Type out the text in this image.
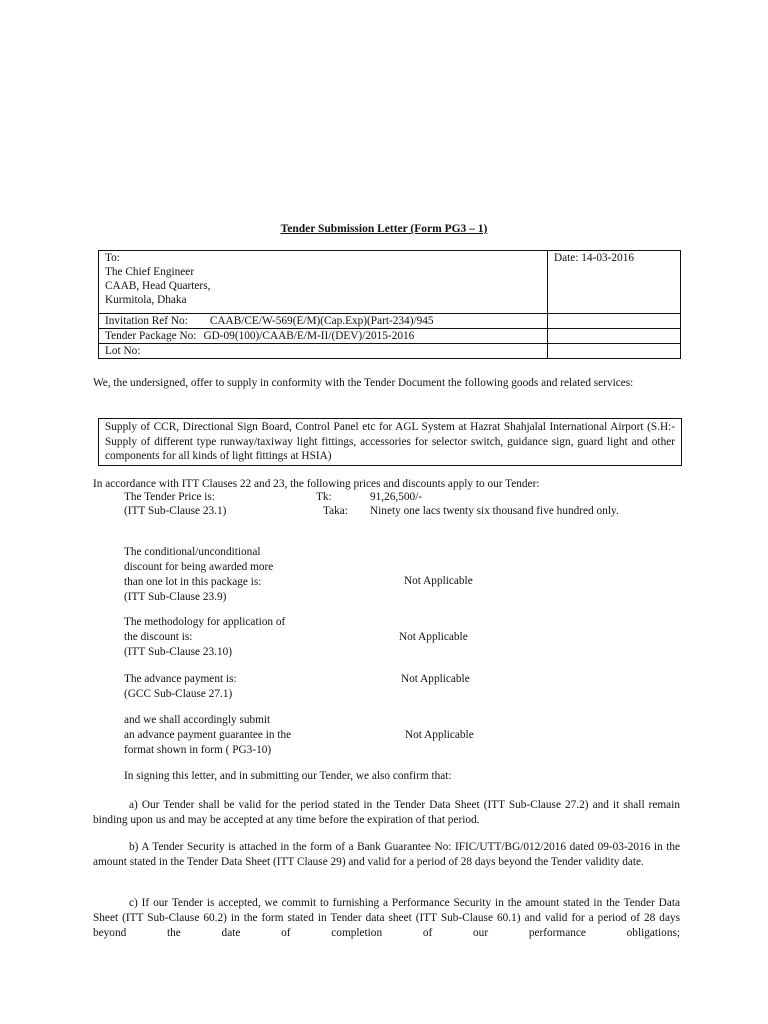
Tender Submission Letter (Form PG3 – 1)
To:
The Chief Engineer
CAAB, Head Quarters,
Kurmitola, Dhaka	Date: 14-03-2016
Invitation Ref No: CAAB/CE/W-569(E/M)(Cap.Exp)(Part-234)/945	
Tender Package No: GD-09(100)/CAAB/E/M-II/(DEV)/2015-2016	
Lot No:	
We, the undersigned, offer to supply in conformity with the Tender Document the following goods and related services:
Supply of CCR, Directional Sign Board, Control Panel etc for AGL System at Hazrat Shahjalal International Airport (S.H:- Supply of different type runway/taxiway light fittings, accessories for selector switch, guidance sign, guard light and other components for all kinds of light fittings at HSIA)
In accordance with ITT Clauses 22 and 23, the following prices and discounts apply to our Tender:
The Tender Price is:
(ITT Sub-Clause 23.1)
Tk:	91,26,500/-
Taka: Ninety one lacs twenty six thousand five hundred only.
The conditional/unconditional
discount for being awarded more
than one lot in this package is:
(ITT Sub-Clause 23.9)
Not Applicable
The methodology for application of
the discount is:
(ITT Sub-Clause 23.10)
Not Applicable
The advance payment is:
(GCC Sub-Clause 27.1)
Not Applicable
and we shall accordingly submit
an advance payment guarantee in the
format shown in form ( PG3-10)
Not Applicable
In signing this letter, and in submitting our Tender, we also confirm that:
a) Our Tender shall be valid for the period stated in the Tender Data Sheet (ITT Sub-Clause 27.2) and it shall remain binding upon us and may be accepted at any time before the expiration of that period.
b) A Tender Security is attached in the form of a Bank Guarantee No: IFIC/UTT/BG/012/2016 dated 09-03-2016 in the amount stated in the Tender Data Sheet (ITT Clause 29) and valid for a period of 28 days beyond the Tender validity date.
c) If our Tender is accepted, we commit to furnishing a Performance Security in the amount stated in the Tender Data Sheet (ITT Sub-Clause 60.2) in the form stated in Tender data sheet (ITT Sub-Clause 60.1) and valid for a period of 28 days beyond the date of completion of our performance obligations;
